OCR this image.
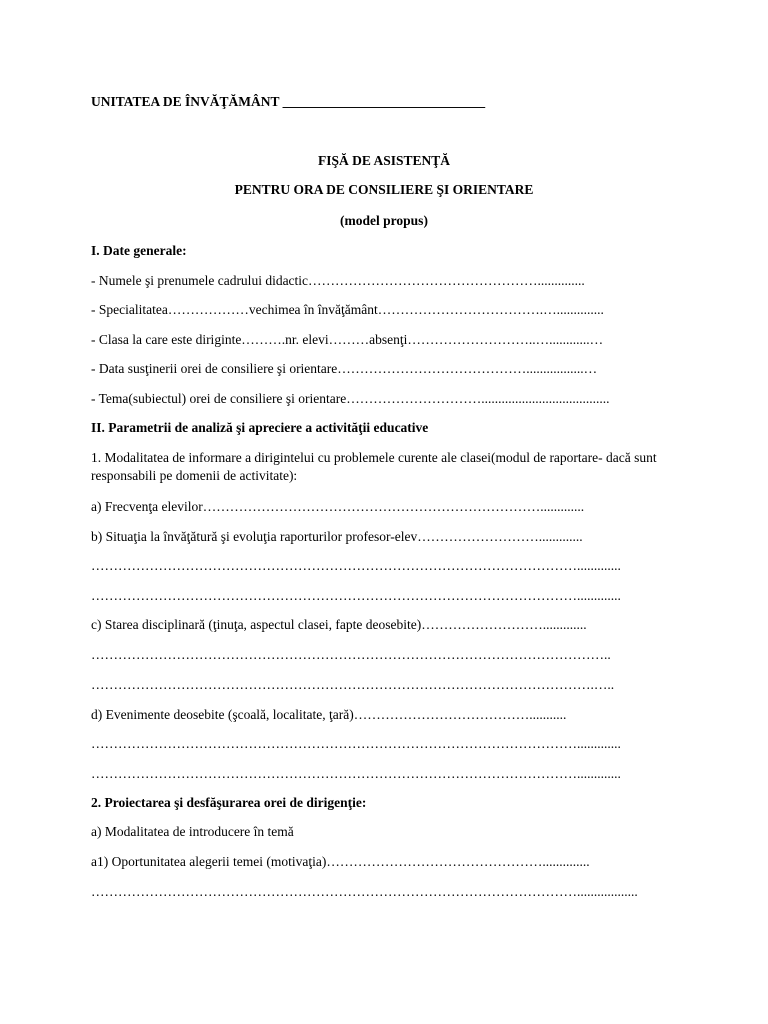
UNITATEA DE ÎNVĂŢĂMÂNT ______________________________
FIŞĂ DE ASISTENŢĂ
PENTRU ORA DE CONSILIERE ŞI ORIENTARE
(model propus)
I. Date generale:
- Numele şi prenumele cadrului didactic……………………………………………..............
- Specialitatea………………vechimea în învăţământ……………………………….…..............
- Clasa la care este diriginte……….nr. elevi………absenţi………………………..…............…
- Data susţinerii orei de consiliere şi orientare…………………………………….................…
- Tema(subiectul) orei de consiliere şi orientare…………………………......................................
II. Parametrii de analiză şi apreciere a activităţii educative
1. Modalitatea de informare a dirigintelui cu problemele curente ale clasei(modul de raportare- dacă sunt responsabili pe domenii de activitate):
a) Frecvenţa elevilor………………………………………………………………….............
b) Situaţia la învăţătură şi evoluţia raporturilor profesor-elev……………………….............
……………………………………………………………………………………………….............
……………………………………………………………………………………………….............
c) Starea disciplinară (ţinuţa, aspectul clasei, fapte deosebite)……………………….............
……………………………………………………………………………………………………..
………………………………………………………………………………………………….…..
d) Evenimente deosebite (şcoală, localitate, ţară)…………………………………...........
……………………………………………………………………………………………….............
……………………………………………………………………………………………….............
2. Proiectarea şi desfăşurarea orei de dirigenţie:
a) Modalitatea de introducere în temă
a1) Oportunitatea alegerii temei (motivaţia)…………………………………………..............
………………………………………………………………………………………………..................
